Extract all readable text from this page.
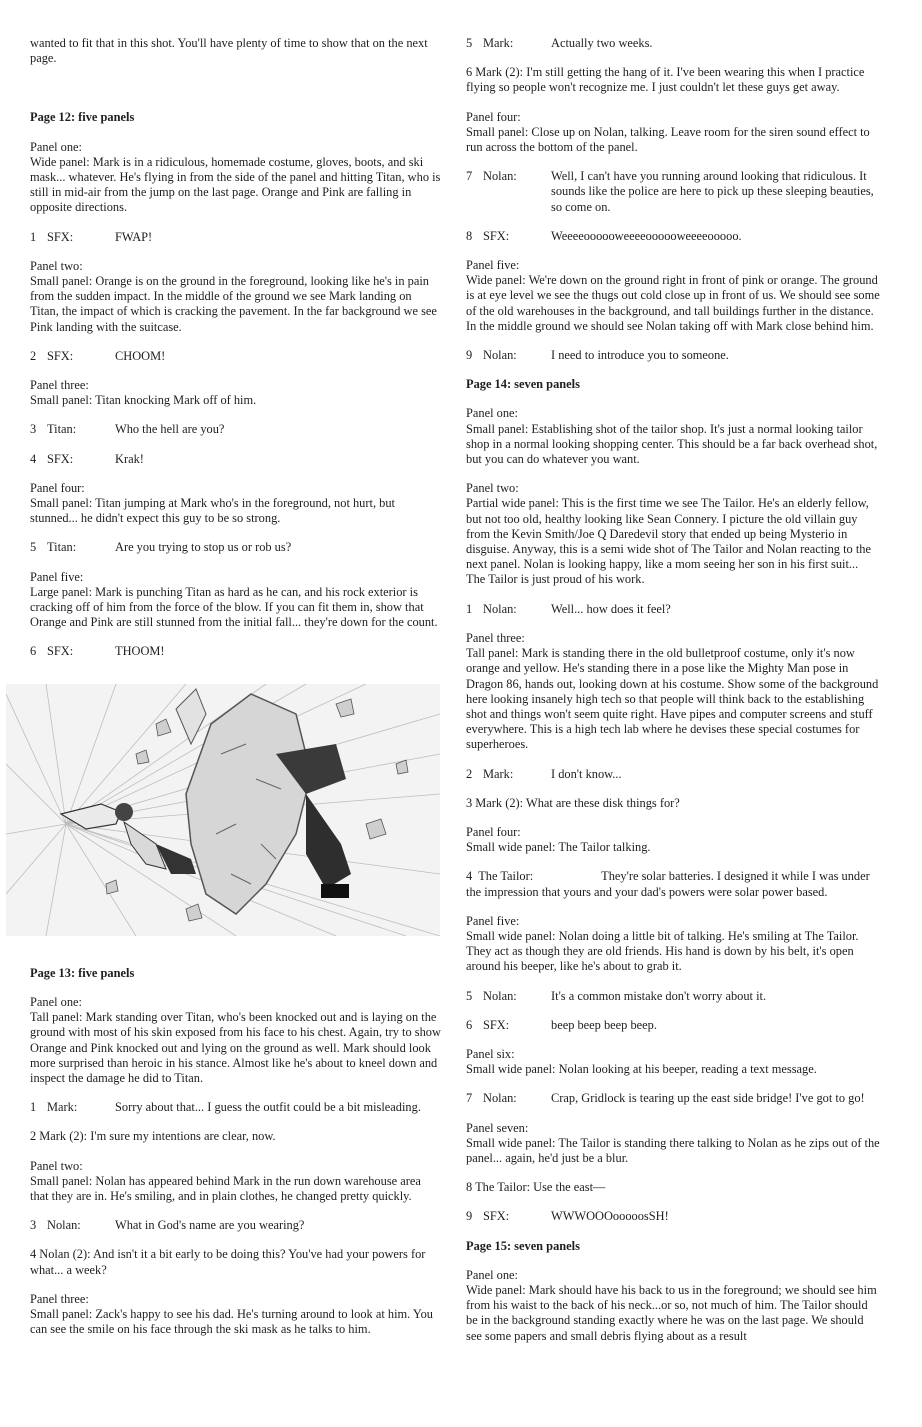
wanted to fit that in this shot. You'll have plenty of time to show that on the next page.

Page 12: five panels

Panel one:
Wide panel: Mark is in a ridiculous, homemade costume, gloves, boots, and ski mask... whatever. He's flying in from the side of the panel and hitting Titan, who is still in mid-air from the jump on the last page. Orange and Pink are falling in opposite directions.

1 SFX:	FWAP!

Panel two:
Small panel: Orange is on the ground in the foreground, looking like he's in pain from the sudden impact. In the middle of the ground we see Mark landing on Titan, the impact of which is cracking the pavement. In the far background we see Pink landing with the suitcase.

2 SFX:	CHOOM!

Panel three:
Small panel: Titan knocking Mark off of him.

3 Titan:	Who the hell are you?
4 SFX:	Krak!

Panel four:
Small panel: Titan jumping at Mark who's in the foreground, not hurt, but stunned... he didn't expect this guy to be so strong.

5 Titan:	Are you trying to stop us or rob us?

Panel five:
Large panel: Mark is punching Titan as hard as he can, and his rock exterior is cracking off of him from the force of the blow. If you can fit them in, show that Orange and Pink are still stunned from the initial fall... they're down for the count.

6 SFX:	THOOM!
Page 13: five panels

Panel one:
Tall panel: Mark standing over Titan, who's been knocked out and is laying on the ground with most of his skin exposed from his face to his chest. Again, try to show Orange and Pink knocked out and lying on the ground as well. Mark should look more surprised than heroic in his stance. Almost like he's about to kneel down and inspect the damage he did to Titan.

1 Mark:	Sorry about that... I guess the outfit could be a bit misleading.

2 Mark (2): I'm sure my intentions are clear, now.

Panel two:
Small panel: Nolan has appeared behind Mark in the run down warehouse area that they are in. He's smiling, and in plain clothes, he changed pretty quickly.

3 Nolan:	What in God's name are you wearing?

4 Nolan (2): And isn't it a bit early to be doing this? You've had your powers for what... a week?

Panel three:
Small panel: Zack's happy to see his dad. He's turning around to look at him. You can see the smile on his face through the ski mask as he talks to him.

5 Mark:	Actually two weeks.

6 Mark (2): I'm still getting the hang of it. I've been wearing this when I practice flying so people won't recognize me. I just couldn't let these guys get away.

Panel four:
Small panel: Close up on Nolan, talking. Leave room for the siren sound effect to run across the bottom of the panel.

7 Nolan:	Well, I can't have you running around looking that ridiculous. It sounds like the police are here to pick up these sleeping beauties, so come on.
8 SFX:	Weeeeoooooweeeeoooooweeeeooooo.

Panel five:
Wide panel: We're down on the ground right in front of pink or orange. The ground is at eye level we see the thugs out cold close up in front of us. We should see some of the old warehouses in the background, and tall buildings further in the distance. In the middle ground we should see Nolan taking off with Mark close behind him.

9 Nolan:	I need to introduce you to someone.
Page 14: seven panels

Panel one:
Small panel: Establishing shot of the tailor shop. It's just a normal looking tailor shop in a normal looking shopping center. This should be a far back overhead shot, but you can do whatever you want.

Panel two:
Partial wide panel: This is the first time we see The Tailor. He's an elderly fellow, but not too old, healthy looking like Sean Connery. I picture the old villain guy from the Kevin Smith/Joe Q Daredevil story that ended up being Mysterio in disguise. Anyway, this is a semi wide shot of The Tailor and Nolan reacting to the next panel. Nolan is looking happy, like a mom seeing her son in his first suit... The Tailor is just proud of his work.

1 Nolan:	Well... how does it feel?

Panel three:
Tall panel: Mark is standing there in the old bulletproof costume, only it's now orange and yellow. He's standing there in a pose like the Mighty Man pose in Dragon 86, hands out, looking down at his costume. Show some of the background here looking insanely high tech so that people will think back to the establishing shot and things won't seem quite right. Have pipes and computer screens and stuff everywhere. This is a high tech lab where he devises these special costumes for superheroes.

2 Mark:	I don't know...

3 Mark (2): What are these disk things for?

Panel four:
Small wide panel: The Tailor talking.

4 The Tailor:	They're solar batteries. I designed it while I was under the impression that yours and your dad's powers were solar power based.

Panel five:
Small wide panel: Nolan doing a little bit of talking. He's smiling at The Tailor. They act as though they are old friends. His hand is down by his belt, it's open around his beeper, like he's about to grab it.

5 Nolan:	It's a common mistake don't worry about it.
6 SFX:	beep beep beep beep.

Panel six:
Small wide panel: Nolan looking at his beeper, reading a text message.

7 Nolan:	Crap, Gridlock is tearing up the east side bridge! I've got to go!

Panel seven:
Small wide panel: The Tailor is standing there talking to Nolan as he zips out of the panel... again, he'd just be a blur.

8 The Tailor: Use the east—

9 SFX:	WWWOOOooooosSH!
Page 15: seven panels

Panel one:
Wide panel: Mark should have his back to us in the foreground; we should see him from his waist to the back of his neck...or so, not much of him. The Tailor should be in the background standing exactly where he was on the last page. We should see some papers and small debris flying about as a result
